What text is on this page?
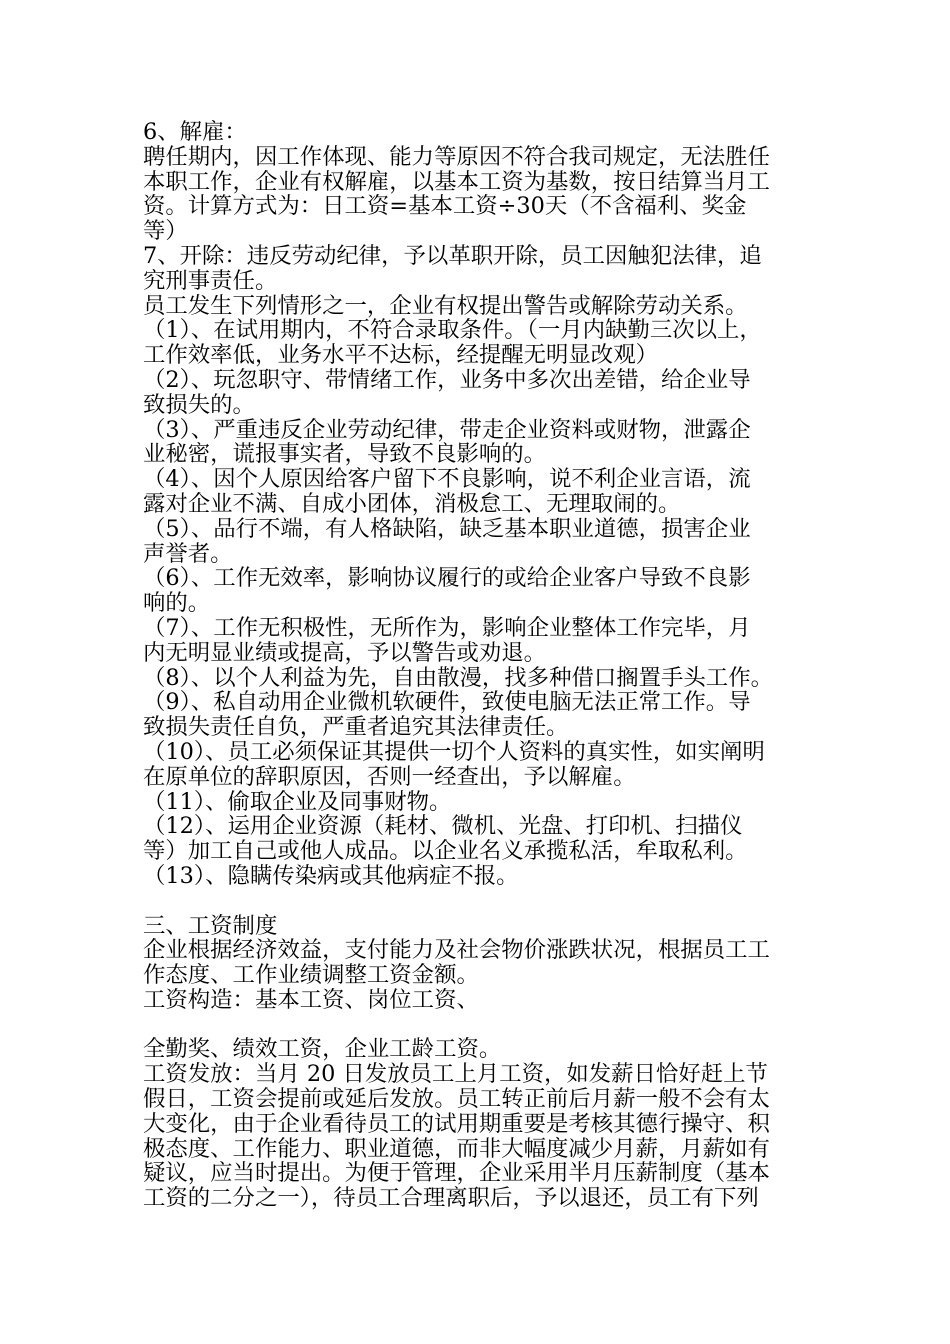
6、解雇：
聘任期内，因工作体现、能力等原因不符合我司规定，无法胜任
本职工作，企业有权解雇，以基本工资为基数，按日结算当月工
资。计算方式为：日工资=基本工资÷30天（不含福利、奖金
等）
7、开除：违反劳动纪律，予以革职开除，员工因触犯法律，追
究刑事责任。
员工发生下列情形之一，企业有权提出警告或解除劳动关系。
（1）、在试用期内，不符合录取条件。（一月内缺勤三次以上，
工作效率低，业务水平不达标，经提醒无明显改观）
（2）、玩忽职守、带情绪工作，业务中多次出差错，给企业导
致损失的。
（3）、严重违反企业劳动纪律，带走企业资料或财物，泄露企
业秘密，谎报事实者，导致不良影响的。
（4）、因个人原因给客户留下不良影响，说不利企业言语，流
露对企业不满、自成小团体，消极怠工、无理取闹的。
（5）、品行不端，有人格缺陷，缺乏基本职业道德，损害企业
声誉者。
（6）、工作无效率，影响协议履行的或给企业客户导致不良影
响的。
（7）、工作无积极性，无所作为，影响企业整体工作完毕，月
内无明显业绩或提高，予以警告或劝退。
（8）、以个人利益为先，自由散漫，找多种借口搁置手头工作。
（9）、私自动用企业微机软硬件，致使电脑无法正常工作。导
致损失责任自负，严重者追究其法律责任。
（10）、员工必须保证其提供一切个人资料的真实性，如实阐明
在原单位的辞职原因，否则一经查出，予以解雇。
（11）、偷取企业及同事财物。
（12）、运用企业资源（耗材、微机、光盘、打印机、扫描仪
等）加工自己或他人成品。以企业名义承揽私活，牟取私利。
（13）、隐瞒传染病或其他病症不报。
三、工资制度
企业根据经济效益，支付能力及社会物价涨跌状况，根据员工工
作态度、工作业绩调整工资金额。
工资构造：基本工资、岗位工资、
全勤奖、绩效工资，企业工龄工资。
工资发放：当月 20 日发放员工上月工资，如发薪日恰好赶上节
假日，工资会提前或延后发放。员工转正前后月薪一般不会有太
大变化，由于企业看待员工的试用期重要是考核其德行操守、积
极态度、工作能力、职业道德，而非大幅度减少月薪，月薪如有
疑议，应当时提出。为便于管理，企业采用半月压薪制度（基本
工资的二分之一），待员工合理离职后，予以退还，员工有下列
